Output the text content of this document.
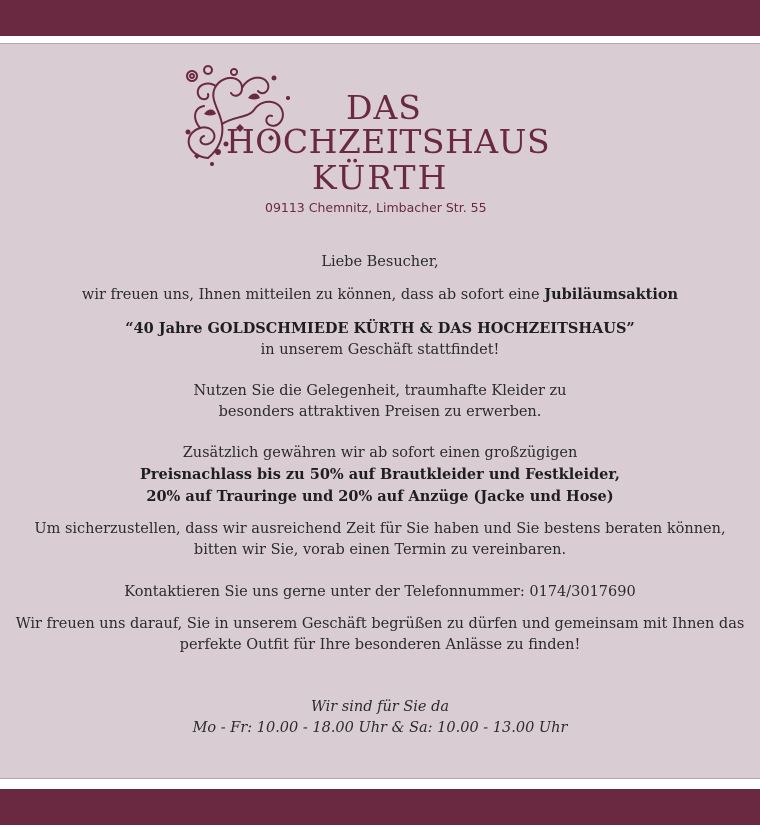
DAS
HOCHZEITSHAUS
KÜRTH
09113 Chemnitz, Limbacher Str. 55

Liebe Besucher,

wir freuen uns, Ihnen mitteilen zu können, dass ab sofort eine Jubiläumsaktion

“40 Jahre GOLDSCHMIEDE KÜRTH & DAS HOCHZEITSHAUS”

in unserem Geschäft stattfindet!

Nutzen Sie die Gelegenheit, traumhafte Kleider zu

besonders attraktiven Preisen zu erwerben.

Zusätzlich gewähren wir ab sofort einen großzügigen

Preisnachlass bis zu 50% auf Brautkleider und Festkleider,

20% auf Trauringe und 20% auf Anzüge (Jacke und Hose)

Um sicherzustellen, dass wir ausreichend Zeit für Sie haben und Sie bestens beraten können,

bitten wir Sie, vorab einen Termin zu vereinbaren.

Kontaktieren Sie uns gerne unter der Telefonnummer: 0174/3017690

Wir freuen uns darauf, Sie in unserem Geschäft begrüßen zu dürfen und gemeinsam mit Ihnen das

perfekte Outfit für Ihre besonderen Anlässe zu finden!

Wir sind für Sie da

Mo - Fr: 10.00 - 18.00 Uhr & Sa: 10.00 - 13.00 Uhr
